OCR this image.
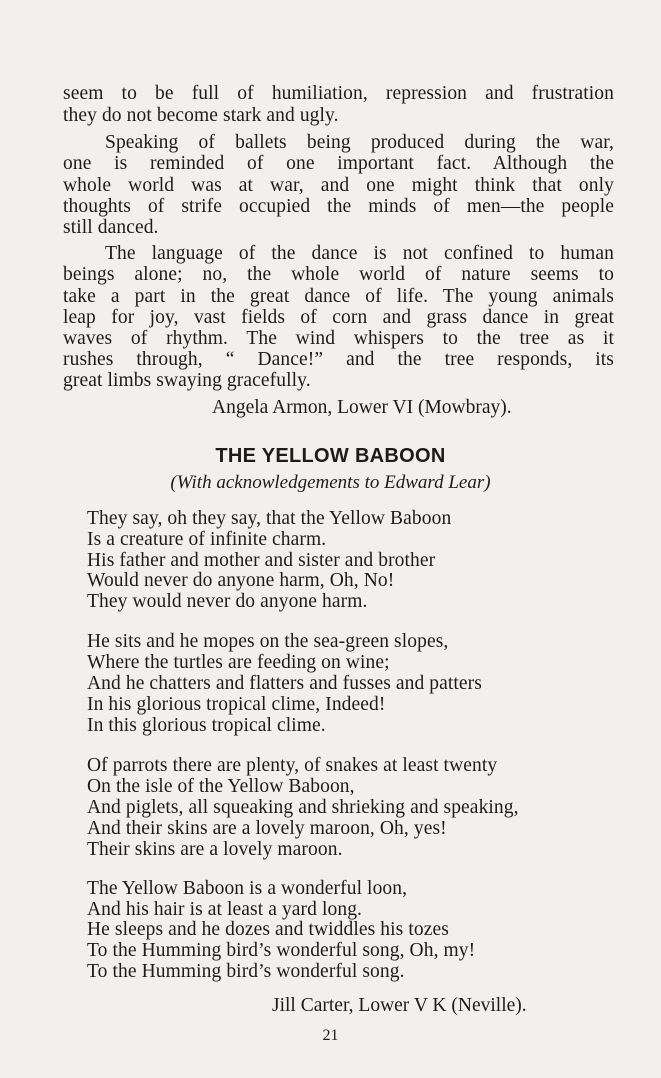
seem to be full of humiliation, repression and frustration
they do not become stark and ugly.
Speaking of ballets being produced during the war,
one is reminded of one important fact. Although the
whole world was at war, and one might think that only
thoughts of strife occupied the minds of men—the people
still danced.
The language of the dance is not confined to human
beings alone; no, the whole world of nature seems to
take a part in the great dance of life. The young animals
leap for joy, vast fields of corn and grass dance in great
waves of rhythm. The wind whispers to the tree as it
rushes through, “ Dance!” and the tree responds, its
great limbs swaying gracefully.
Angela Armon, Lower VI (Mowbray).
THE YELLOW BABOON
(With acknowledgements to Edward Lear)
They say, oh they say, that the Yellow Baboon
Is a creature of infinite charm.
His father and mother and sister and brother
Would never do anyone harm, Oh, No!
They would never do anyone harm.
He sits and he mopes on the sea-green slopes,
Where the turtles are feeding on wine;
And he chatters and flatters and fusses and patters
In his glorious tropical clime, Indeed!
In this glorious tropical clime.
Of parrots there are plenty, of snakes at least twenty
On the isle of the Yellow Baboon,
And piglets, all squeaking and shrieking and speaking,
And their skins are a lovely maroon, Oh, yes!
Their skins are a lovely maroon.
The Yellow Baboon is a wonderful loon,
And his hair is at least a yard long.
He sleeps and he dozes and twiddles his tozes
To the Humming bird’s wonderful song, Oh, my!
To the Humming bird’s wonderful song.
Jill Carter, Lower V K (Neville).
21
